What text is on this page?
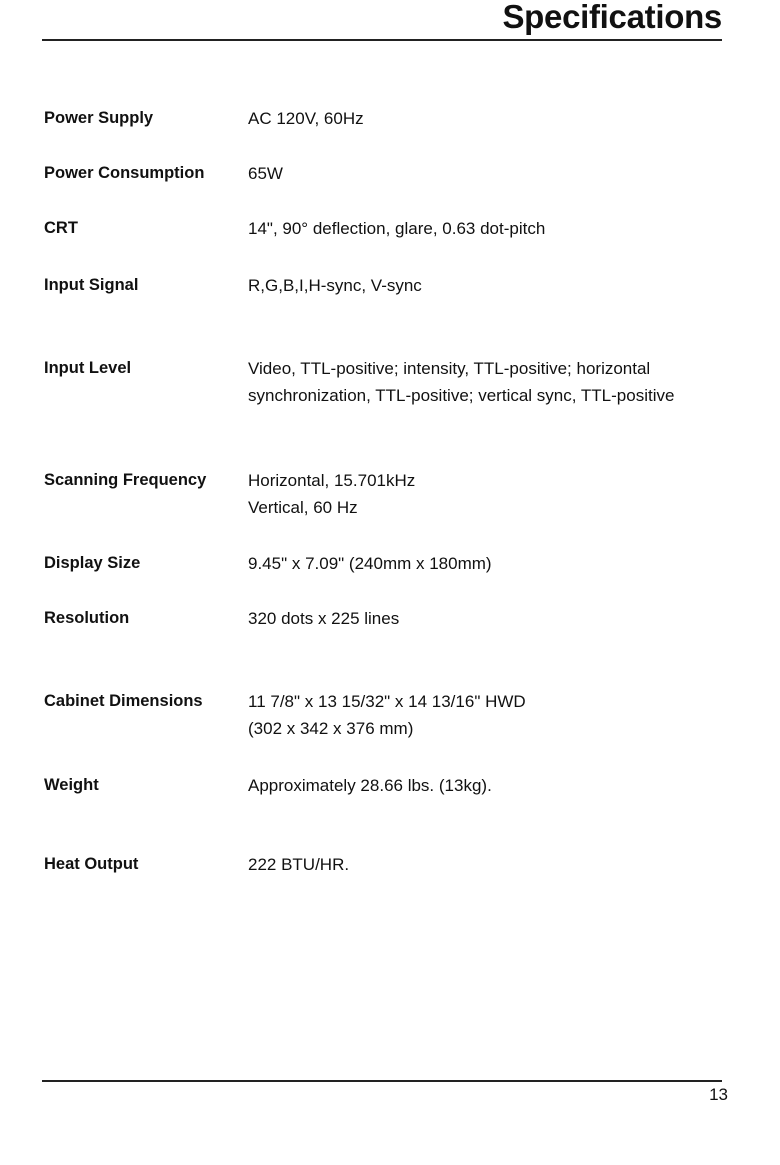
Specifications
Power Supply	AC 120V, 60Hz
Power Consumption	65W
CRT	14", 90° deflection, glare, 0.63 dot-pitch
Input Signal	R,G,B,I,H-sync, V-sync
Input Level	Video, TTL-positive; intensity, TTL-positive; horizontal
synchronization, TTL-positive; vertical sync, TTL-positive
Scanning Frequency	Horizontal, 15.701kHz
Vertical, 60 Hz
Display Size	9.45" x 7.09" (240mm x 180mm)
Resolution	320 dots x 225 lines
Cabinet Dimensions	11 7/8" x 13 15/32" x 14 13/16" HWD
(302 x 342 x 376 mm)
Weight	Approximately 28.66 lbs. (13kg).
Heat Output	222 BTU/HR.
13
